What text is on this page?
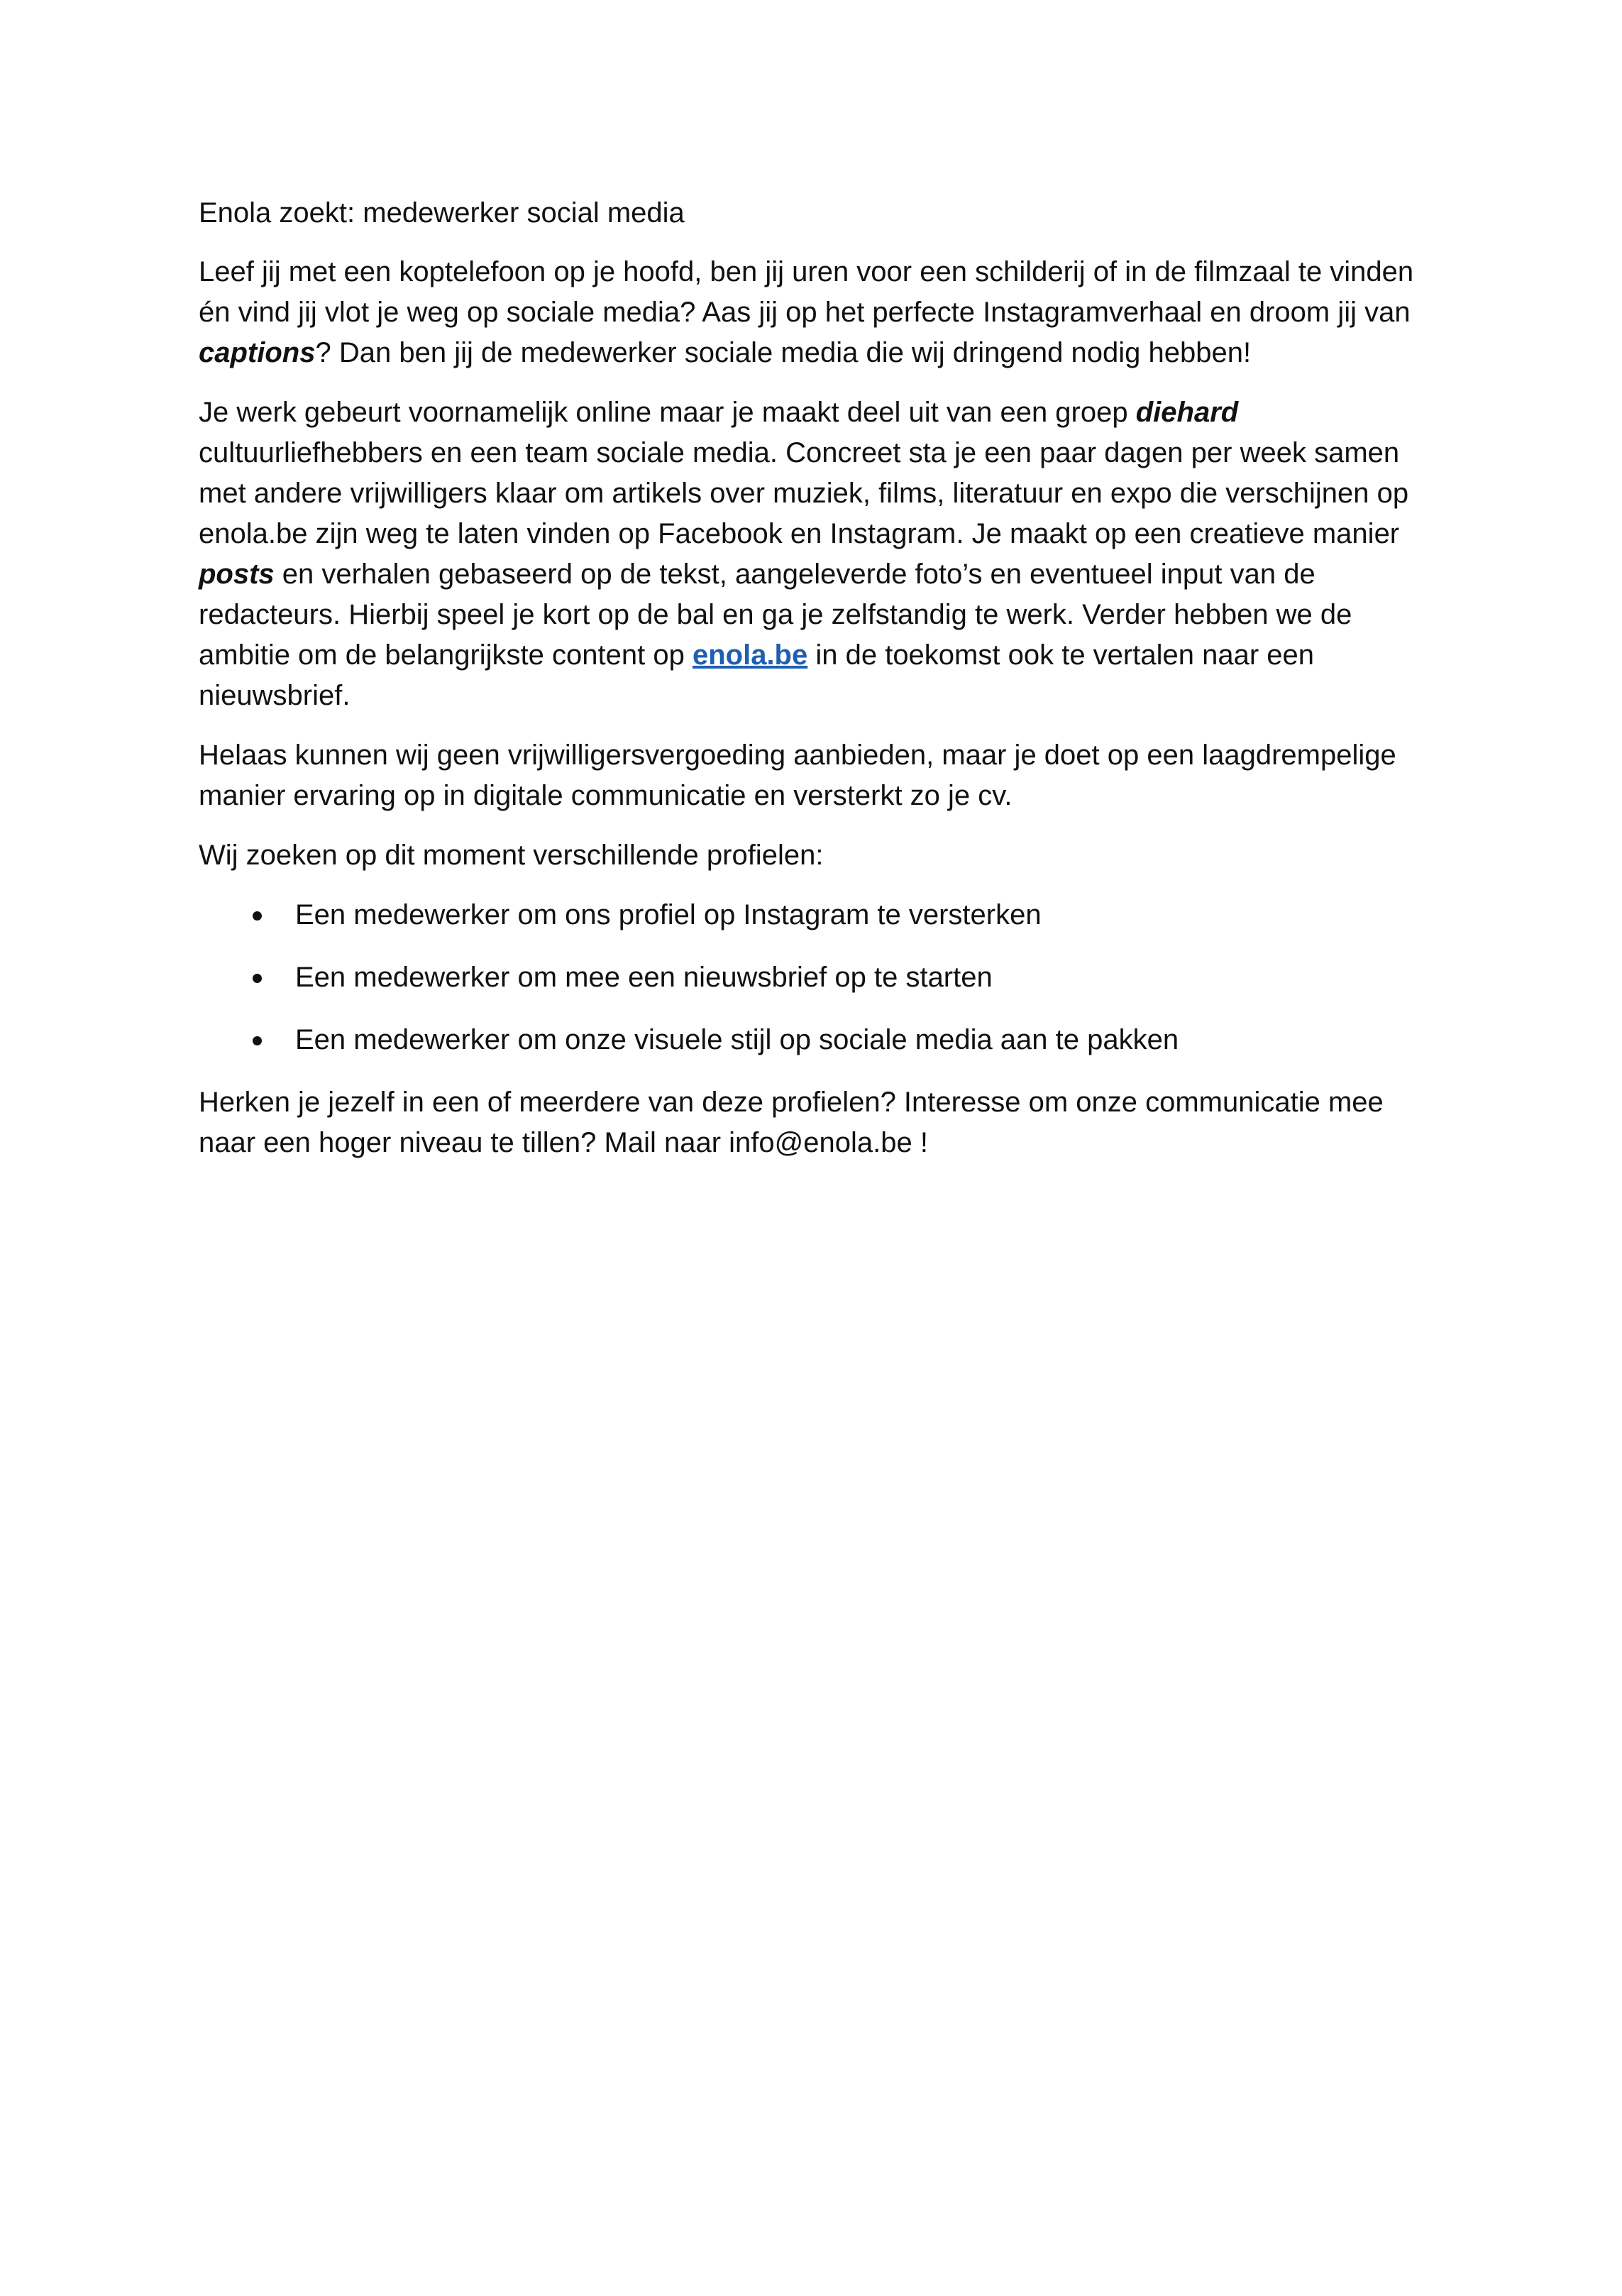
Enola zoekt: medewerker social media

Leef jij met een koptelefoon op je hoofd, ben jij uren voor een schilderij of in de filmzaal te vinden én vind jij vlot je weg op sociale media? Aas jij op het perfecte Instagramverhaal en droom jij van captions? Dan ben jij de medewerker sociale media die wij dringend nodig hebben!

Je werk gebeurt voornamelijk online maar je maakt deel uit van een groep diehard cultuurliefhebbers en een team sociale media. Concreet sta je een paar dagen per week samen met andere vrijwilligers klaar om artikels over muziek, films, literatuur en expo die verschijnen op enola.be zijn weg te laten vinden op Facebook en Instagram. Je maakt op een creatieve manier posts en verhalen gebaseerd op de tekst, aangeleverde foto’s en eventueel input van de redacteurs. Hierbij speel je kort op de bal en ga je zelfstandig te werk. Verder hebben we de ambitie om de belangrijkste content op enola.be in de toekomst ook te vertalen naar een nieuwsbrief.

Helaas kunnen wij geen vrijwilligersvergoeding aanbieden, maar je doet op een laagdrempelige manier ervaring op in digitale communicatie en versterkt zo je cv.

Wij zoeken op dit moment verschillende profielen:

Een medewerker om ons profiel op Instagram te versterken
Een medewerker om mee een nieuwsbrief op te starten
Een medewerker om onze visuele stijl op sociale media aan te pakken

Herken je jezelf in een of meerdere van deze profielen? Interesse om onze communicatie mee naar een hoger niveau te tillen? Mail naar info@enola.be !
